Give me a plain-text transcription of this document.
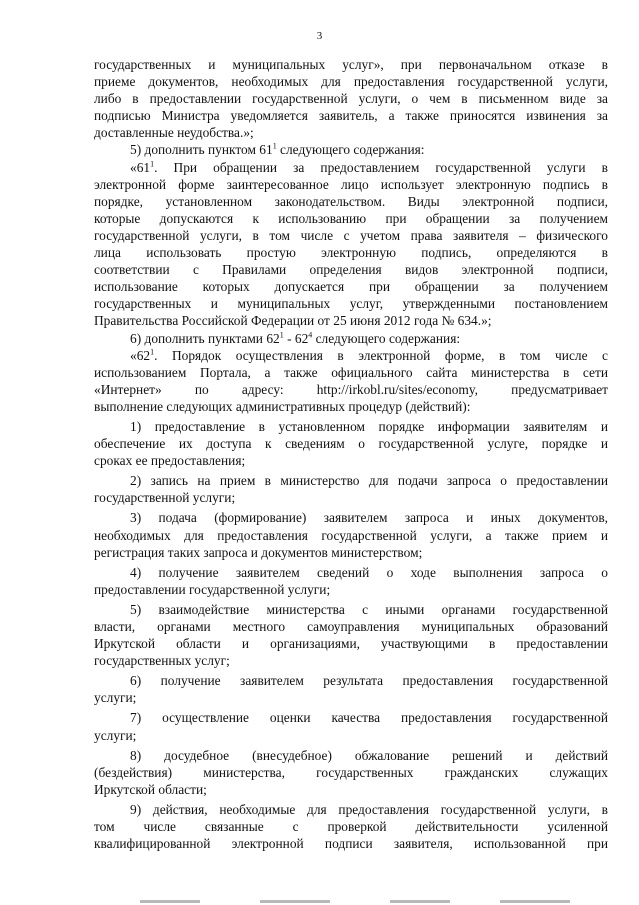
3
государственных и муниципальных услуг», при первоначальном отказе в
приеме документов, необходимых для предоставления государственной услуги,
либо в предоставлении государственной услуги, о чем в письменном виде за
подписью Министра уведомляется заявитель, а также приносятся извинения за
доставленные неудобства.»;
5) дополнить пунктом $61^1$ следующего содержания:
«$61^1$. При обращении за предоставлением государственной услуги в
электронной форме заинтересованное лицо использует электронную подпись в
порядке, установленном законодательством. Виды электронной подписи,
которые допускаются к использованию при обращении за получением
государственной услуги, в том числе с учетом права заявителя – физического
лица использовать простую электронную подпись, определяются в
соответствии с Правилами определения видов электронной подписи,
использование которых допускается при обращении за получением
государственных и муниципальных услуг, утвержденными постановлением
Правительства Российской Федерации от 25 июня 2012 года № 634.»;
6) дополнить пунктами $62^1 - 62^4$ следующего содержания:
«$62^1$. Порядок осуществления в электронной форме, в том числе с
использованием Портала, а также официального сайта министерства в сети
«Интернет» по адресу: http://irkobl.ru/sites/economy, предусматривает
выполнение следующих административных процедур (действий):
1) предоставление в установленном порядке информации заявителям и
обеспечение их доступа к сведениям о государственной услуге, порядке и
сроках ее предоставления;
2) запись на прием в министерство для подачи запроса о предоставлении
государственной услуги;
3) подача (формирование) заявителем запроса и иных документов,
необходимых для предоставления государственной услуги, а также прием и
регистрация таких запроса и документов министерством;
4) получение заявителем сведений о ходе выполнения запроса о
предоставлении государственной услуги;
5) взаимодействие министерства с иными органами государственной
власти, органами местного самоуправления муниципальных образований
Иркутской области и организациями, участвующими в предоставлении
государственных услуг;
6) получение заявителем результата предоставления государственной
услуги;
7) осуществление оценки качества предоставления государственной
услуги;
8) досудебное (внесудебное) обжалование решений и действий
(бездействия) министерства, государственных гражданских служащих
Иркутской области;
9) действия, необходимые для предоставления государственной услуги, в
том числе связанные с проверкой действительности усиленной
квалифицированной электронной подписи заявителя, использованной при
